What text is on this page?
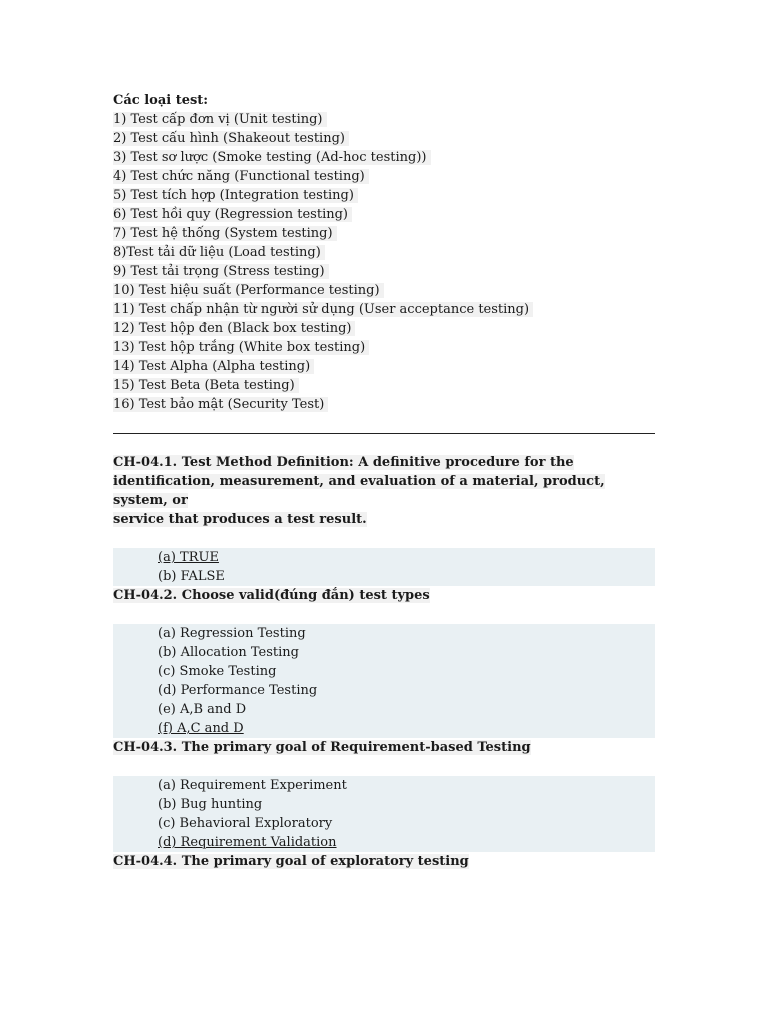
Các loại test:

1) Test cấp đơn vị (Unit testing)
2) Test cấu hình (Shakeout testing)
3) Test sơ lược (Smoke testing (Ad-hoc testing))
4) Test chức năng (Functional testing)
5) Test tích hợp (Integration testing)
6) Test hồi quy (Regression testing)
7) Test hệ thống (System testing)
8)Test tải dữ liệu (Load testing)
9) Test tải trọng (Stress testing)
10) Test hiệu suất (Performance testing)
11) Test chấp nhận từ người sử dụng (User acceptance testing)
12) Test hộp đen (Black box testing)
13) Test hộp trắng (White box testing)
14) Test Alpha (Alpha testing)
15) Test Beta (Beta testing)
16) Test bảo mật (Security Test)

CH-04.1. Test Method Definition: A definitive procedure for the

identification, measurement, and evaluation of a material, product, system, or

service that produces a test result.

(a) TRUE
(b) FALSE

CH-04.2. Choose valid(đúng đắn) test types

(a) Regression Testing
(b) Allocation Testing
(c) Smoke Testing
(d) Performance Testing
(e) A,B and D
(f) A,C and D

CH-04.3. The primary goal of Requirement-based Testing

(a) Requirement Experiment
(b) Bug hunting
(c) Behavioral Exploratory
(d) Requirement Validation

CH-04.4. The primary goal of exploratory testing
